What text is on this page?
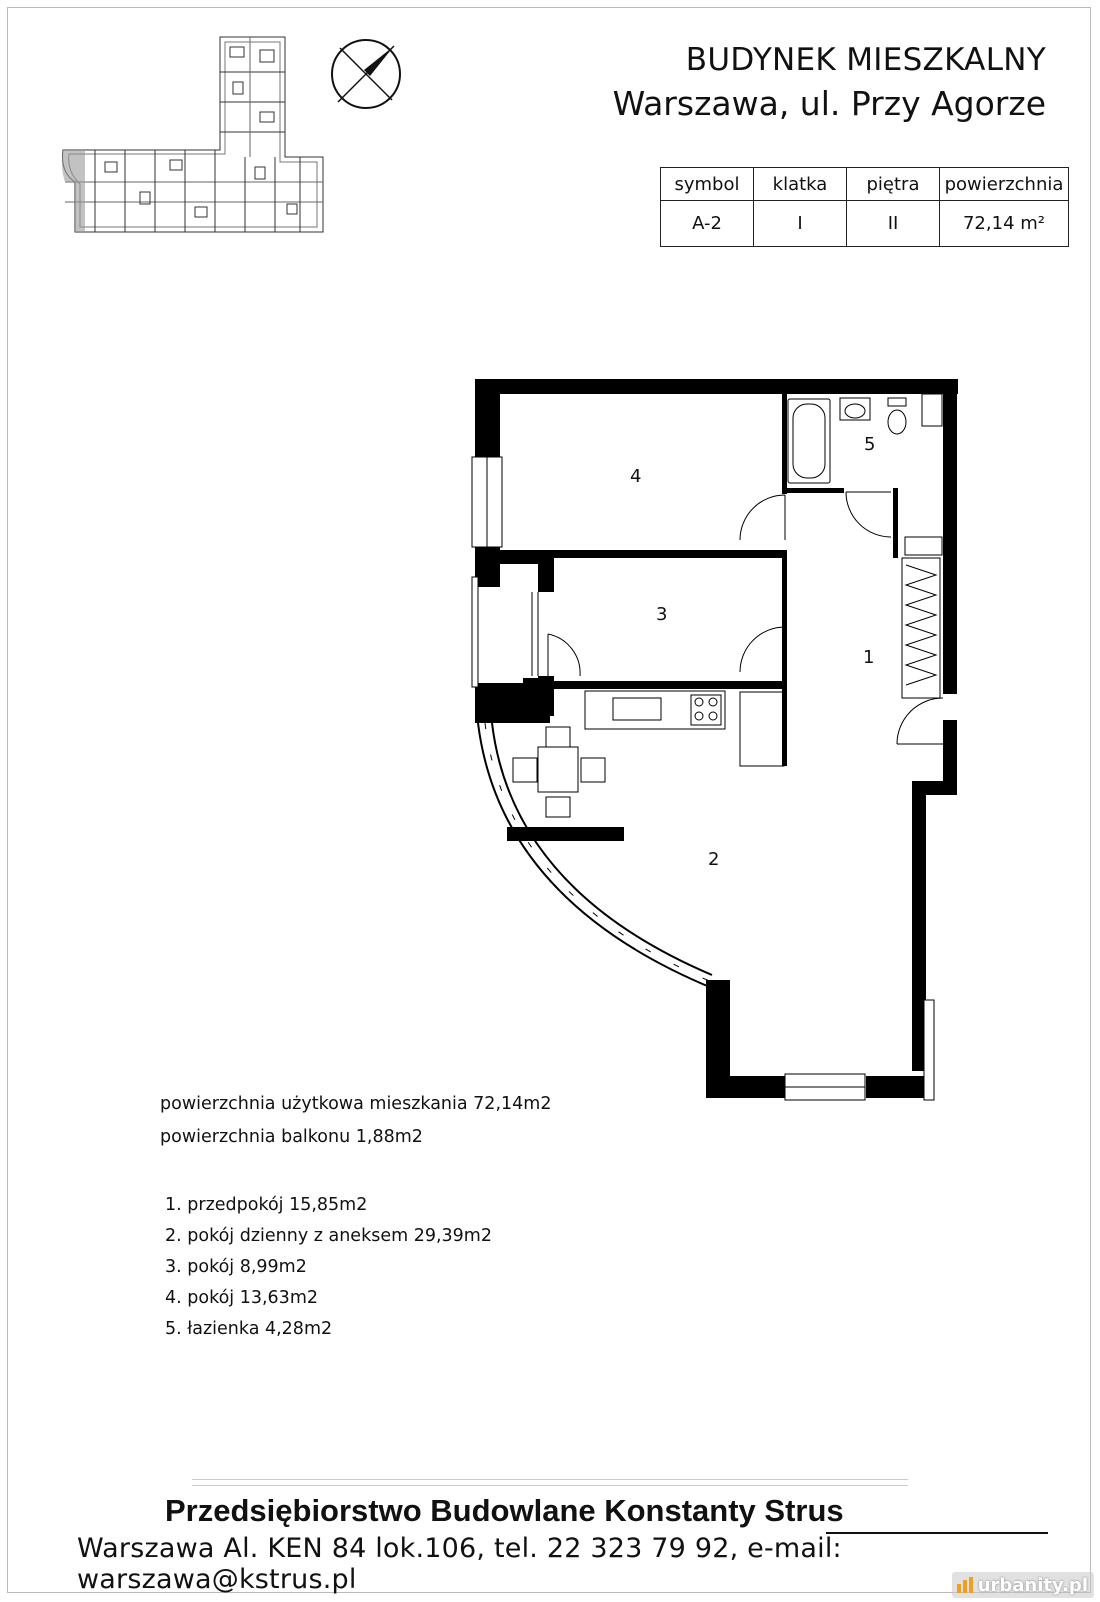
BUDYNEK MIESZKALNY
Warszawa, ul. Przy Agorze
symbol	klatka	piętra	powierzchnia
A-2	I	II	72,14 m²
1
2
3
4
5
powierzchnia użytkowa mieszkania 72,14m2
powierzchnia balkonu 1,88m2
1. przedpokój 15,85m2
2. pokój dzienny z aneksem 29,39m2
3. pokój 8,99m2
4. pokój 13,63m2
5. łazienka 4,28m2
Przedsiębiorstwo Budowlane Konstanty Strus
Warszawa Al. KEN 84 lok.106, tel. 22 323 79 92, e-mail: warszawa@kstrus.pl	urbanity.pl
